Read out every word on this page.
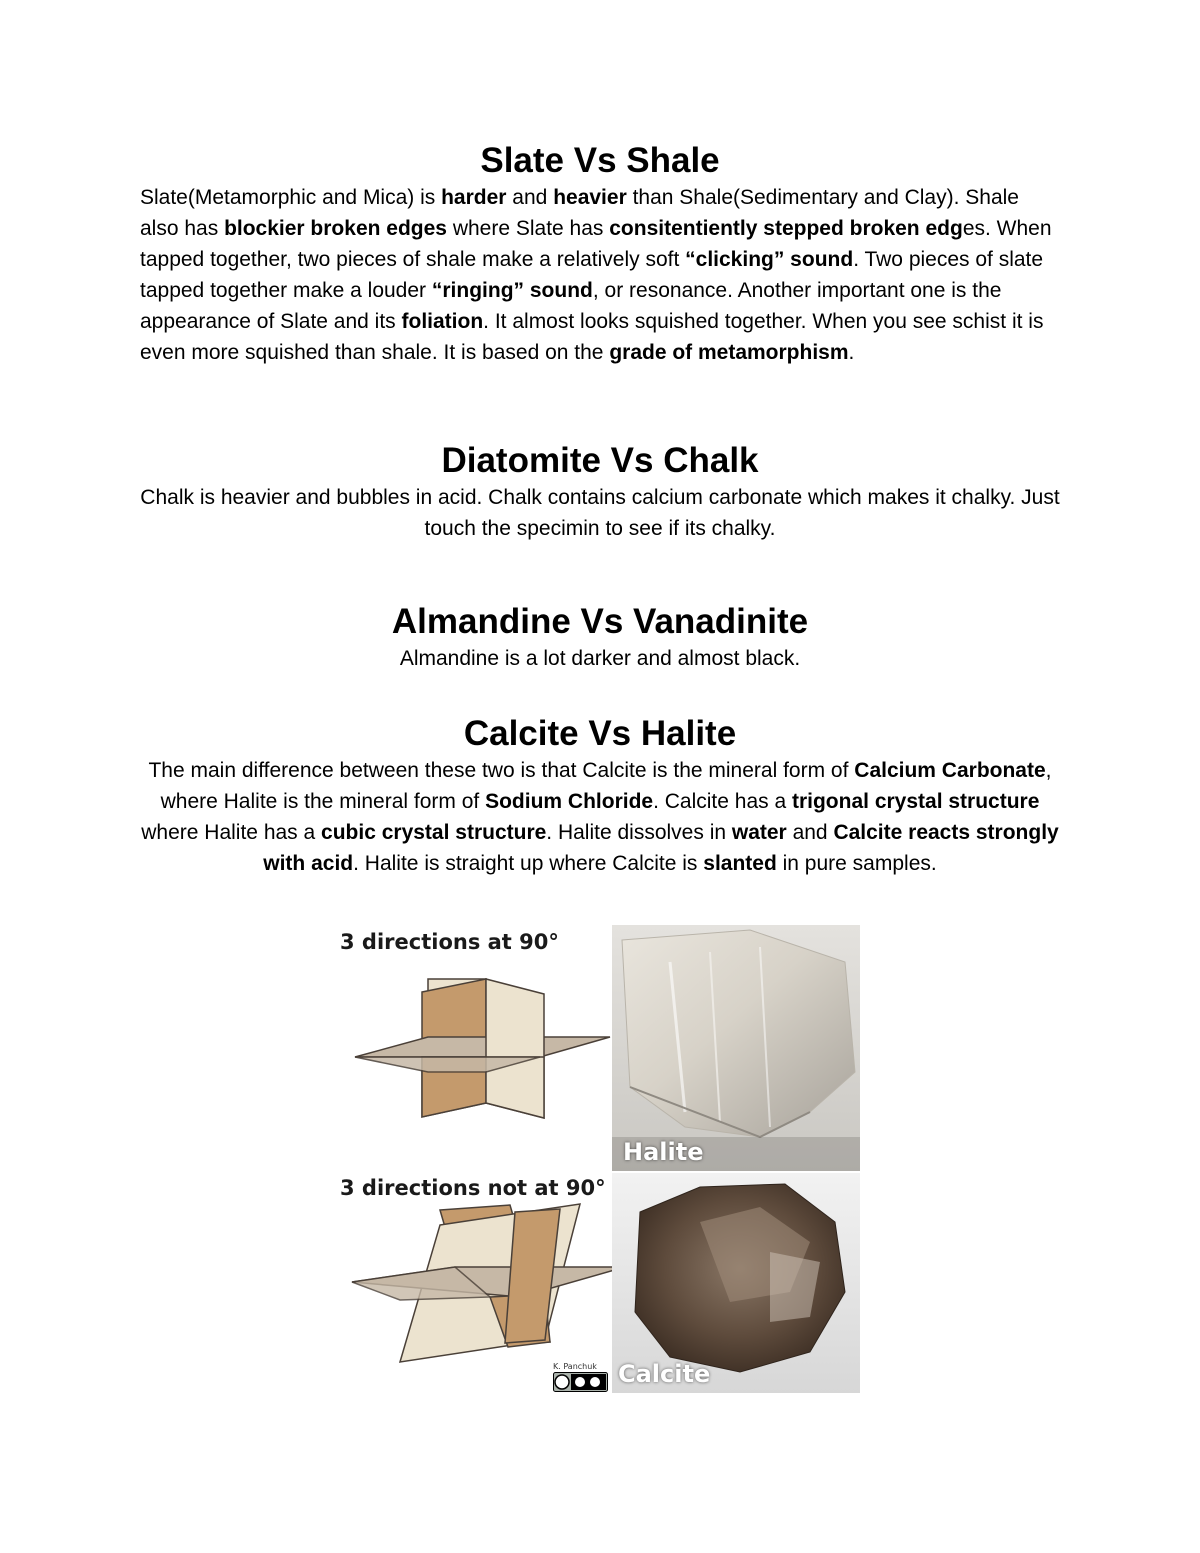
Slate Vs Shale

Slate(Metamorphic and Mica) is harder and heavier than Shale(Sedimentary and Clay). Shale also has blockier broken edges where Slate has consitentiently stepped broken edges. When tapped together, two pieces of shale make a relatively soft “clicking” sound. Two pieces of slate tapped together make a louder “ringing” sound, or resonance. Another important one is the appearance of Slate and its foliation. It almost looks squished together. When you see schist it is even more squished than shale. It is based on the grade of metamorphism.

Diatomite Vs Chalk

Chalk is heavier and bubbles in acid. Chalk contains calcium carbonate which makes it chalky. Just touch the specimin to see if its chalky.

Almandine Vs Vanadinite

Almandine is a lot darker and almost black.

Calcite Vs Halite

The main difference between these two is that Calcite is the mineral form of Calcium Carbonate, where Halite is the mineral form of Sodium Chloride. Calcite has a trigonal crystal structure where Halite has a cubic crystal structure. Halite dissolves in water and Calcite reacts strongly with acid. Halite is straight up where Calcite is slanted in pure samples.

3 directions at 90°
3 directions not at 90°
Halite
Calcite
K. Panchuk
